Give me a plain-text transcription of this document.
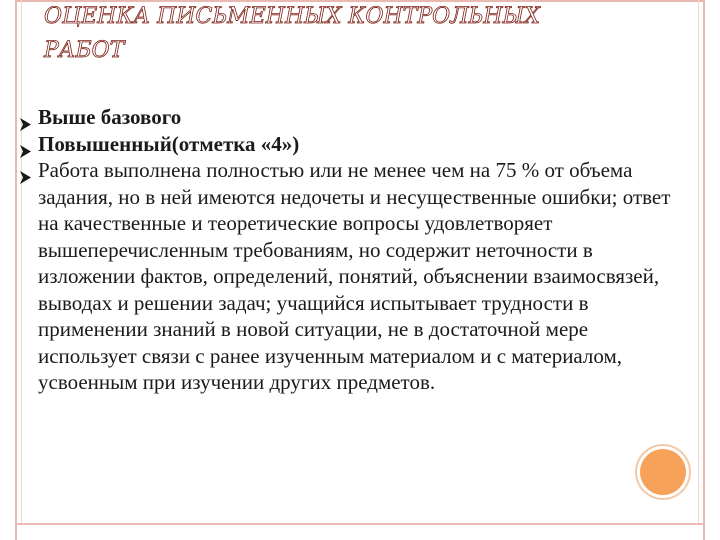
ОЦЕНКА ПИСЬМЕННЫХ КОНТРОЛЬНЫХ
РАБОТ
Выше базового
Повышенный(отметка «4»)
Работа выполнена полностью или не менее чем на 75 % от объема задания, но в ней имеются недочеты и несущественные ошибки; ответ на качественные и теоретические вопросы удовлетворяет вышеперечисленным требованиям, но содержит неточности в изложении фактов, определений, понятий, объяснении взаимосвязей, выводах и решении задач; учащийся испытывает трудности в применении знаний в новой ситуации, не в достаточной мере использует связи с ранее изученным материалом и с материалом, усвоенным при изучении других предметов.
